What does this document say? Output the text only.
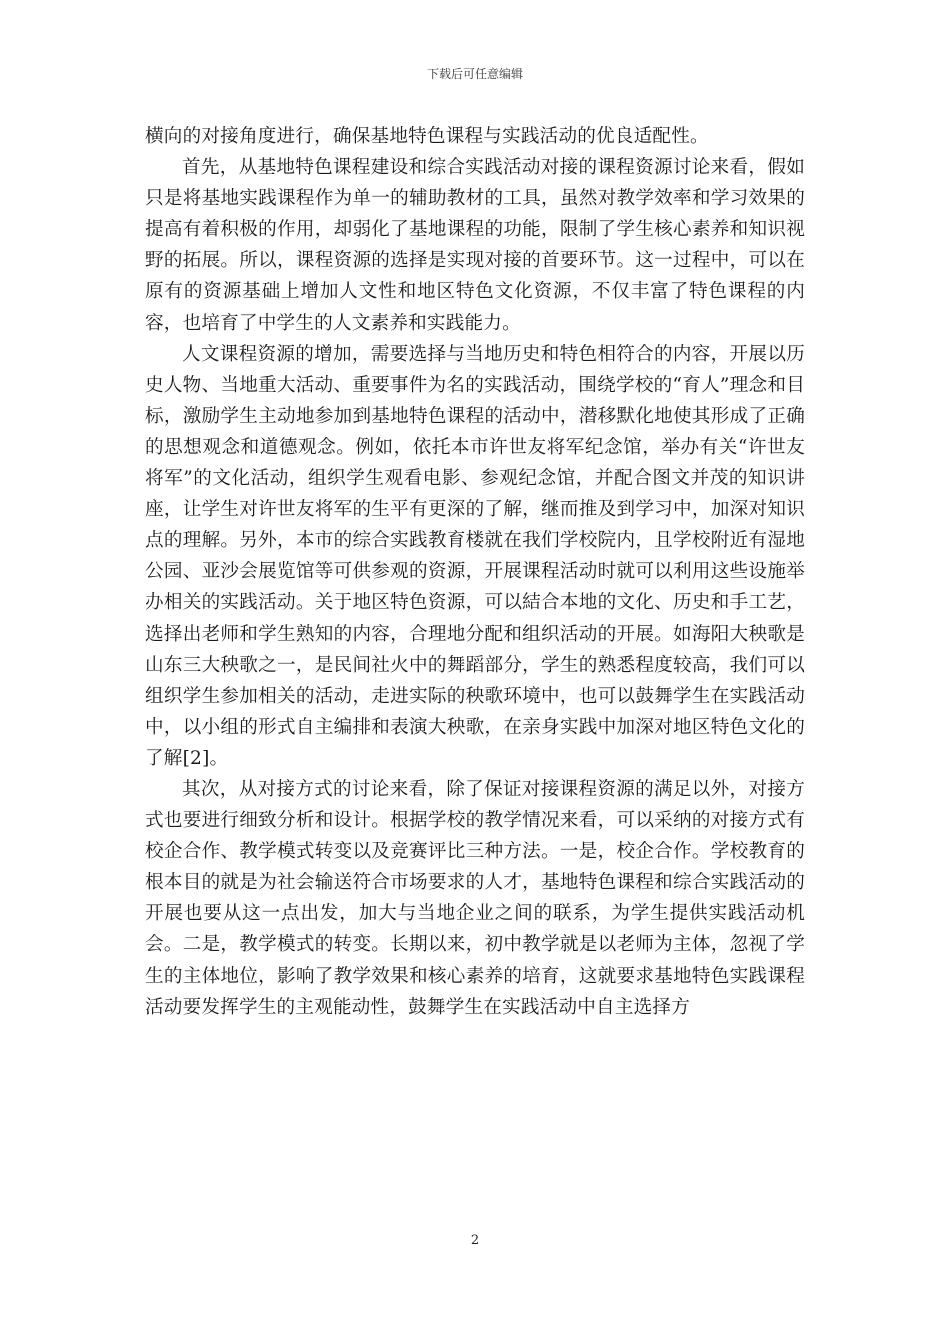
下载后可任意编辑

横向的对接角度进行，确保基地特色课程与实践活动的优良适配性。

首先，从基地特色课程建设和综合实践活动对接的课程资源讨论来看，假如只是将基地实践课程作为单一的辅助教材的工具，虽然对教学效率和学习效果的提高有着积极的作用，却弱化了基地课程的功能，限制了学生核心素养和知识视野的拓展。所以，课程资源的选择是实现对接的首要环节。这一过程中，可以在原有的资源基础上增加人文性和地区特色文化资源，不仅丰富了特色课程的内容，也培育了中学生的人文素养和实践能力。

人文课程资源的增加，需要选择与当地历史和特色相符合的内容，开展以历史人物、当地重大活动、重要事件为名的实践活动，围绕学校的“育人”理念和目标，激励学生主动地参加到基地特色课程的活动中，潜移默化地使其形成了正确的思想观念和道德观念。例如，依托本市许世友将军纪念馆，举办有关“许世友将军”的文化活动，组织学生观看电影、参观纪念馆，并配合图文并茂的知识讲座，让学生对许世友将军的生平有更深的了解，继而推及到学习中，加深对知识点的理解。另外，本市的综合实践教育楼就在我们学校院内，且学校附近有湿地公园、亚沙会展览馆等可供参观的资源，开展课程活动时就可以利用这些设施举办相关的实践活动。关于地区特色资源，可以結合本地的文化、历史和手工艺，选择出老师和学生熟知的内容，合理地分配和组织活动的开展。如海阳大秧歌是山东三大秧歌之一，是民间社火中的舞蹈部分，学生的熟悉程度较高，我们可以组织学生参加相关的活动，走进实际的秧歌环境中，也可以鼓舞学生在实践活动中，以小组的形式自主编排和表演大秧歌，在亲身实践中加深对地区特色文化的了解[2]。

其次，从对接方式的讨论来看，除了保证对接课程资源的满足以外，对接方式也要进行细致分析和设计。根据学校的教学情况来看，可以采纳的对接方式有校企合作、教学模式转变以及竞赛评比三种方法。一是，校企合作。学校教育的根本目的就是为社会输送符合市场要求的人才，基地特色课程和综合实践活动的开展也要从这一点出发，加大与当地企业之间的联系，为学生提供实践活动机会。二是，教学模式的转变。长期以来，初中教学就是以老师为主体，忽视了学生的主体地位，影响了教学效果和核心素养的培育，这就要求基地特色实践课程活动要发挥学生的主观能动性，鼓舞学生在实践活动中自主选择方

2
